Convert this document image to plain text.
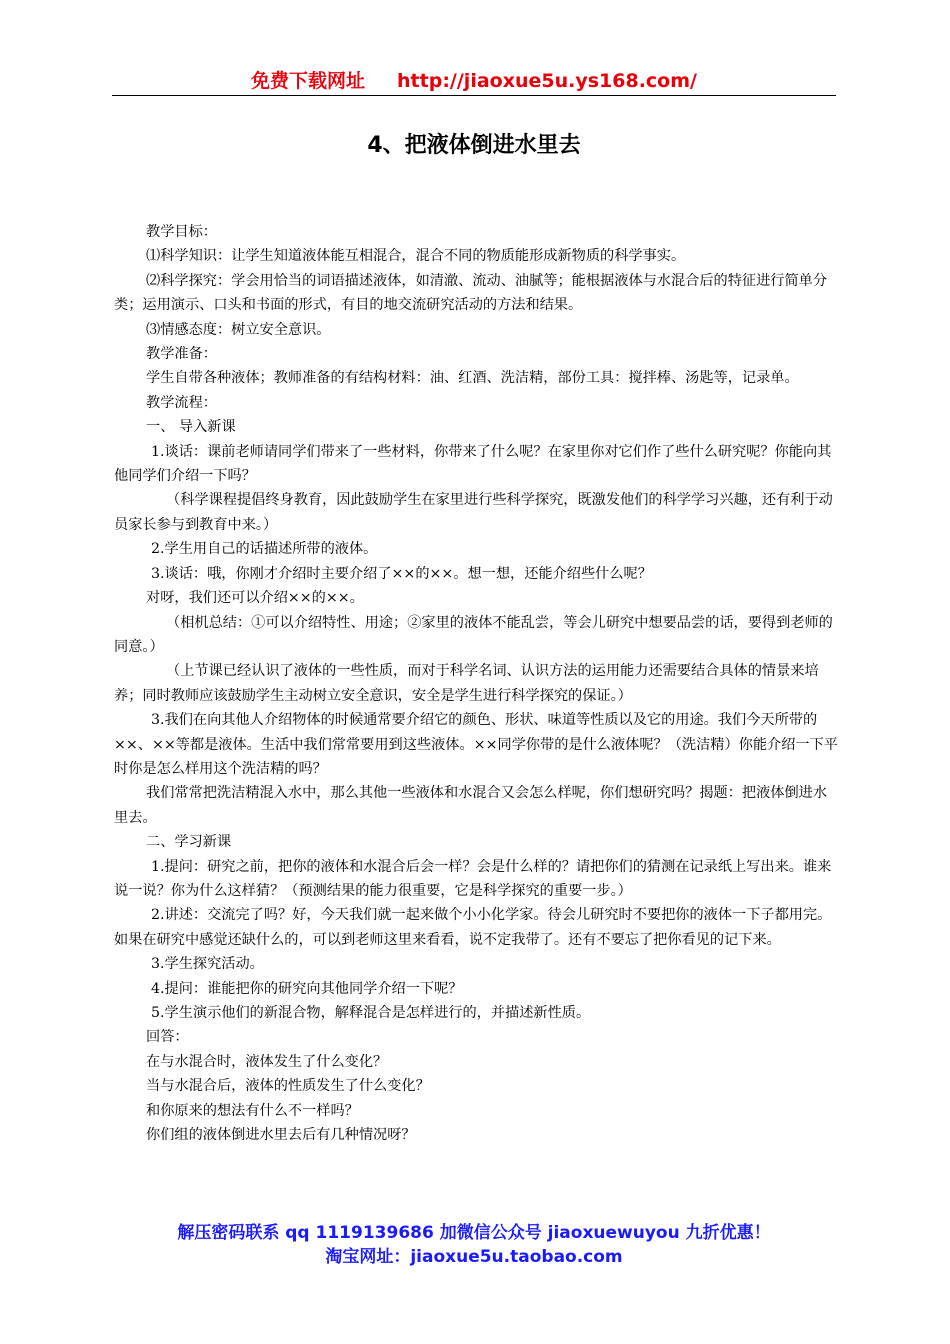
免费下载网址 http://jiaoxue5u.ys168.com/
4、把液体倒进水里去

教学目标：

⑴科学知识：让学生知道液体能互相混合，混合不同的物质能形成新物质的科学事实。

⑵科学探究：学会用恰当的词语描述液体，如清澈、流动、油腻等；能根据液体与水混合后的特征进行简单分类；运用演示、口头和书面的形式，有目的地交流研究活动的方法和结果。

⑶情感态度：树立安全意识。

教学准备：

学生自带各种液体；教师准备的有结构材料：油、红酒、洗洁精，部份工具：搅拌棒、汤匙等，记录单。

教学流程：

一、 导入新课

1.谈话：课前老师请同学们带来了一些材料，你带来了什么呢？在家里你对它们作了些什么研究呢？你能向其他同学们介绍一下吗？

（科学课程提倡终身教育，因此鼓励学生在家里进行些科学探究，既激发他们的科学学习兴趣，还有利于动员家长参与到教育中来。）

2.学生用自己的话描述所带的液体。

3.谈话：哦，你刚才介绍时主要介绍了××的××。想一想，还能介绍些什么呢？

对呀，我们还可以介绍××的××。

（相机总结：①可以介绍特性、用途；②家里的液体不能乱尝，等会儿研究中想要品尝的话，要得到老师的同意。）

（上节课已经认识了液体的一些性质，而对于科学名词、认识方法的运用能力还需要结合具体的情景来培养；同时教师应该鼓励学生主动树立安全意识，安全是学生进行科学探究的保证。）

3.我们在向其他人介绍物体的时候通常要介绍它的颜色、形状、味道等性质以及它的用途。我们今天所带的××、××等都是液体。生活中我们常常要用到这些液体。××同学你带的是什么液体呢？（洗洁精）你能介绍一下平时你是怎么样用这个洗洁精的吗？

我们常常把洗洁精混入水中，那么其他一些液体和水混合又会怎么样呢，你们想研究吗？揭题：把液体倒进水里去。

二、学习新课

1.提问：研究之前，把你的液体和水混合后会一样？会是什么样的？请把你们的猜测在记录纸上写出来。谁来说一说？你为什么这样猜？（预测结果的能力很重要，它是科学探究的重要一步。）

2.讲述：交流完了吗？好，今天我们就一起来做个小小化学家。待会儿研究时不要把你的液体一下子都用完。如果在研究中感觉还缺什么的，可以到老师这里来看看，说不定我带了。还有不要忘了把你看见的记下来。

3.学生探究活动。

4.提问：谁能把你的研究向其他同学介绍一下呢？

5.学生演示他们的新混合物，解释混合是怎样进行的，并描述新性质。

回答：

在与水混合时，液体发生了什么变化？

当与水混合后，液体的性质发生了什么变化？

和你原来的想法有什么不一样吗？

你们组的液体倒进水里去后有几种情况呀？

解压密码联系 qq 1119139686 加微信公众号 jiaoxuewuyou 九折优惠！
淘宝网址：jiaoxue5u.taobao.com
